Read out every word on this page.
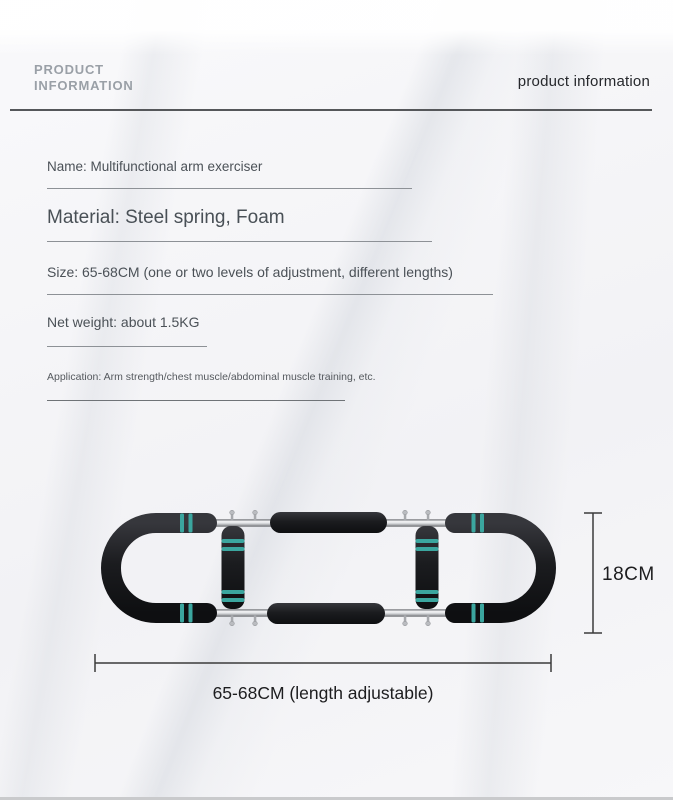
PRODUCT
INFORMATION	product information
Name: Multifunctional arm exerciser
Material: Steel spring, Foam
Size: 65-68CM (one or two levels of adjustment, different lengths)
Net weight: about 1.5KG
Application: Arm strength/chest muscle/abdominal muscle training, etc.
18CM
65-68CM (length adjustable)
